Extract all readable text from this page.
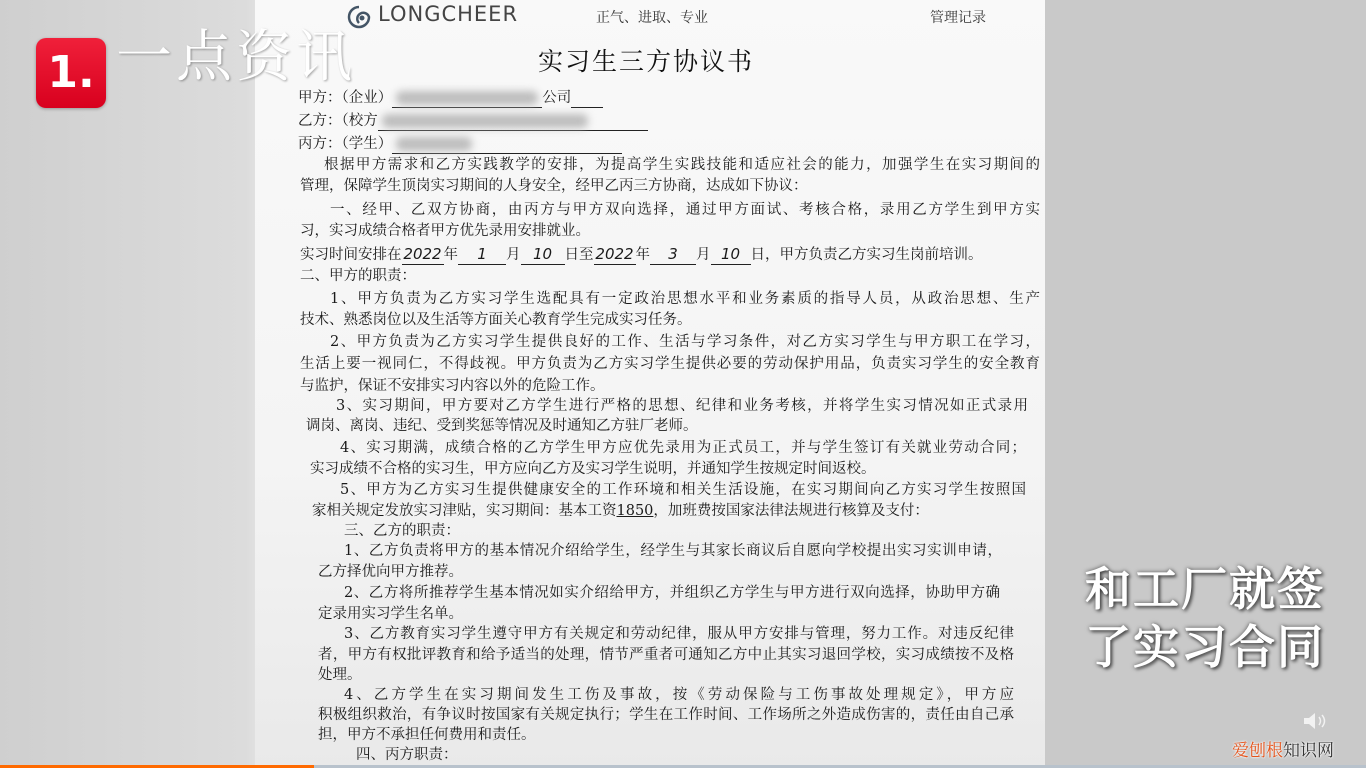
LONGCHEER	正气、进取、专业	管理记录
实习生三方协议书
甲方：（企业）	公司
乙方：（校方
丙方：（学生）
根据甲方需求和乙方实践教学的安排，为提高学生实践技能和适应社会的能力，加强学生在实习期间的
管理，保障学生顶岗实习期间的人身安全，经甲乙丙三方协商，达成如下协议：
一、经甲、乙双方协商，由丙方与甲方双向选择，通过甲方面试、考核合格，录用乙方学生到甲方实
习，实习成绩合格者甲方优先录用安排就业。
二、甲方的职责：
1、甲方负责为乙方实习学生选配具有一定政治思想水平和业务素质的指导人员，从政治思想、生产
技术、熟悉岗位以及生活等方面关心教育学生完成实习任务。
2、甲方负责为乙方实习学生提供良好的工作、生活与学习条件，对乙方实习学生与甲方职工在学习，
生活上要一视同仁，不得歧视。甲方负责为乙方实习学生提供必要的劳动保护用品，负责实习学生的安全教育
与监护，保证不安排实习内容以外的危险工作。
3、实习期间，甲方要对乙方学生进行严格的思想、纪律和业务考核，并将学生实习情况如正式录用
调岗、离岗、违纪、受到奖惩等情况及时通知乙方驻厂老师。
4、实习期满，成绩合格的乙方学生甲方应优先录用为正式员工，并与学生签订有关就业劳动合同；
实习成绩不合格的实习生，甲方应向乙方及实习学生说明，并通知学生按规定时间返校。
5、甲方为乙方实习生提供健康安全的工作环境和相关生活设施，在实习期间向乙方实习学生按照国
三、乙方的职责：
1、乙方负责将甲方的基本情况介绍给学生，经学生与其家长商议后自愿向学校提出实习实训申请，
乙方择优向甲方推荐。
2、乙方将所推荐学生基本情况如实介绍给甲方，并组织乙方学生与甲方进行双向选择，协助甲方确
定录用实习学生名单。
3、乙方教育实习学生遵守甲方有关规定和劳动纪律，服从甲方安排与管理，努力工作。对违反纪律
者，甲方有权批评教育和给予适当的处理，情节严重者可通知乙方中止其实习退回学校，实习成绩按不及格
处理。
4、乙方学生在实习期间发生工伤及事故，按《劳动保险与工伤事故处理规定》，甲方应
积极组织救治，有争议时按国家有关规定执行；学生在工作时间、工作场所之外造成伤害的，责任由自己承
担，甲方不承担任何费用和责任。
四、丙方职责：
实习时间安排在 2022 年 1 月 10 日至 2022 年 3 月 10 日，甲方负责乙方实习生岗前培训。
家相关规定发放实习津贴，实习期间：基本工资1850，加班费按国家法律法规进行核算及支付：
1. 一点资讯
和工厂就签了实习合同
爱刨根知识网
